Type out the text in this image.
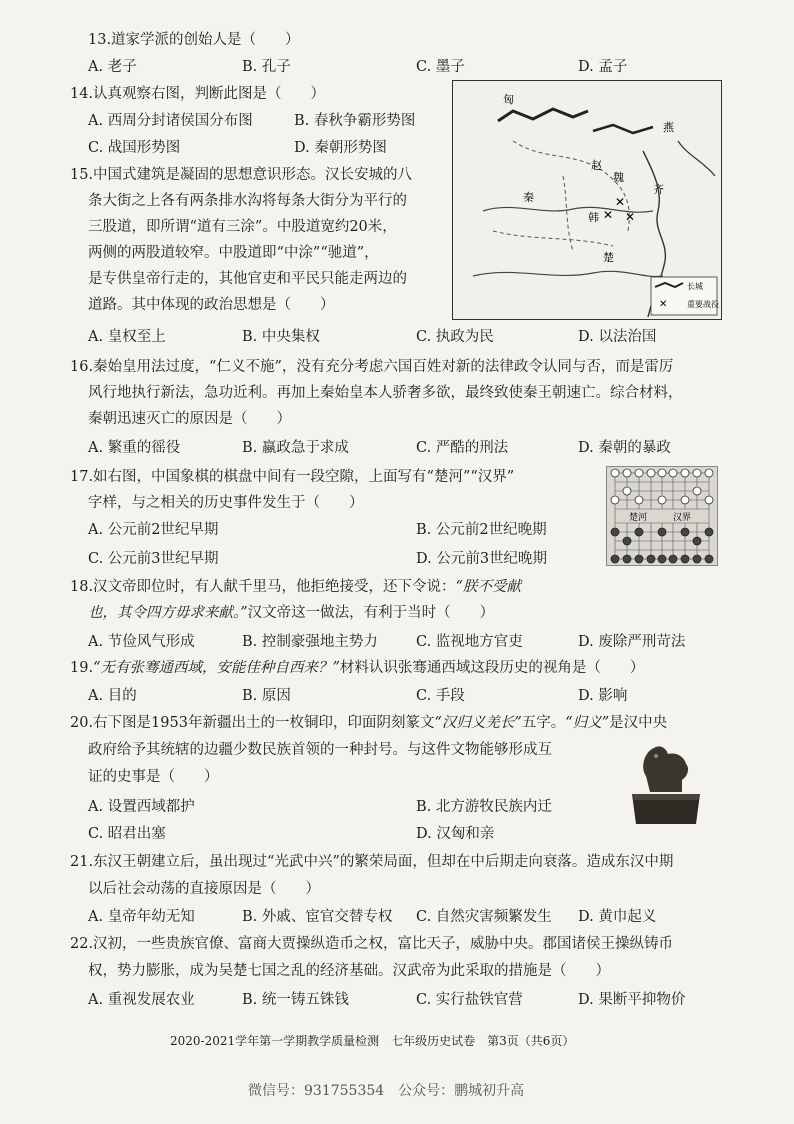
13.道家学派的创始人是（　　）
A. 老子	B. 孔子	C. 墨子	D. 孟子
14.认真观察右图，判断此图是（　　）
A. 西周分封诸侯国分布图	B. 春秋争霸形势图
C. 战国形势图	D. 秦朝形势图
✕
✕
✕
匈
燕
赵
齐
韩
楚
秦
魏
长城
✕ 重要战役
15.中国式建筑是凝固的思想意识形态。汉长安城的八
条大街之上各有两条排水沟将每条大街分为平行的
三股道，即所谓“道有三涂”。中股道宽约20米，
两侧的两股道较窄。中股道即“中涂”“驰道”，
是专供皇帝行走的，其他官吏和平民只能走两边的
道路。其中体现的政治思想是（　　）
A. 皇权至上	B. 中央集权	C. 执政为民	D. 以法治国
16.秦始皇用法过度，“仁义不施”，没有充分考虑六国百姓对新的法律政令认同与否，而是雷厉
风行地执行新法，急功近利。再加上秦始皇本人骄奢多欲，最终致使秦王朝速亡。综合材料，
秦朝迅速灭亡的原因是（　　）
A. 繁重的徭役	B. 蠃政急于求成	C. 严酷的刑法	D. 秦朝的暴政
17.如右图，中国象棋的棋盘中间有一段空隙，上面写有“楚河”“汉界”
字样，与之相关的历史事件发生于（　　）
A. 公元前2世纪早期	B. 公元前2世纪晚期
C. 公元前3世纪早期	D. 公元前3世纪晚期
楚河	汉界
18.汉文帝即位时，有人献千里马，他拒绝接受，还下令说：“朕不受献
也，其令四方毋求来献。”汉文帝这一做法，有利于当时（　　）
A. 节俭风气形成	B. 控制豪强地主势力	C. 监视地方官吏	D. 废除严刑苛法
19.“无有张骞通西域，安能佳种自西来？”材料认识张骞通西域这段历史的视角是（　　）
A. 目的	B. 原因	C. 手段	D. 影响
20.右下图是1953年新疆出土的一枚铜印，印面阴刻篆文“汉归义羌长”五字。“归义”是汉中央
政府给予其统辖的边疆少数民族首领的一种封号。与这件文物能够形成互
证的史事是（　　）
A. 设置西域都护	B. 北方游牧民族内迁
C. 昭君出塞	D. 汉匈和亲
21.东汉王朝建立后，虽出现过“光武中兴”的繁荣局面，但却在中后期走向衰落。造成东汉中期
以后社会动荡的直接原因是（　　）
A. 皇帝年幼无知	B. 外戚、宦官交替专权 C. 自然灾害频繁发生 D. 黄巾起义
22.汉初，一些贵族官僚、富商大贾操纵造币之权，富比天子，威胁中央。郡国诸侯王操纵铸币
权，势力膨胀，成为吴楚七国之乱的经济基础。汉武帝为此采取的措施是（　　）
A. 重视发展农业	B. 统一铸五铢钱	C. 实行盐铁官营	D. 果断平抑物价
2020-2021学年第一学期教学质量检测　七年级历史试卷　第3页（共6页）
微信号：931755354　公众号：鹏城初升高
